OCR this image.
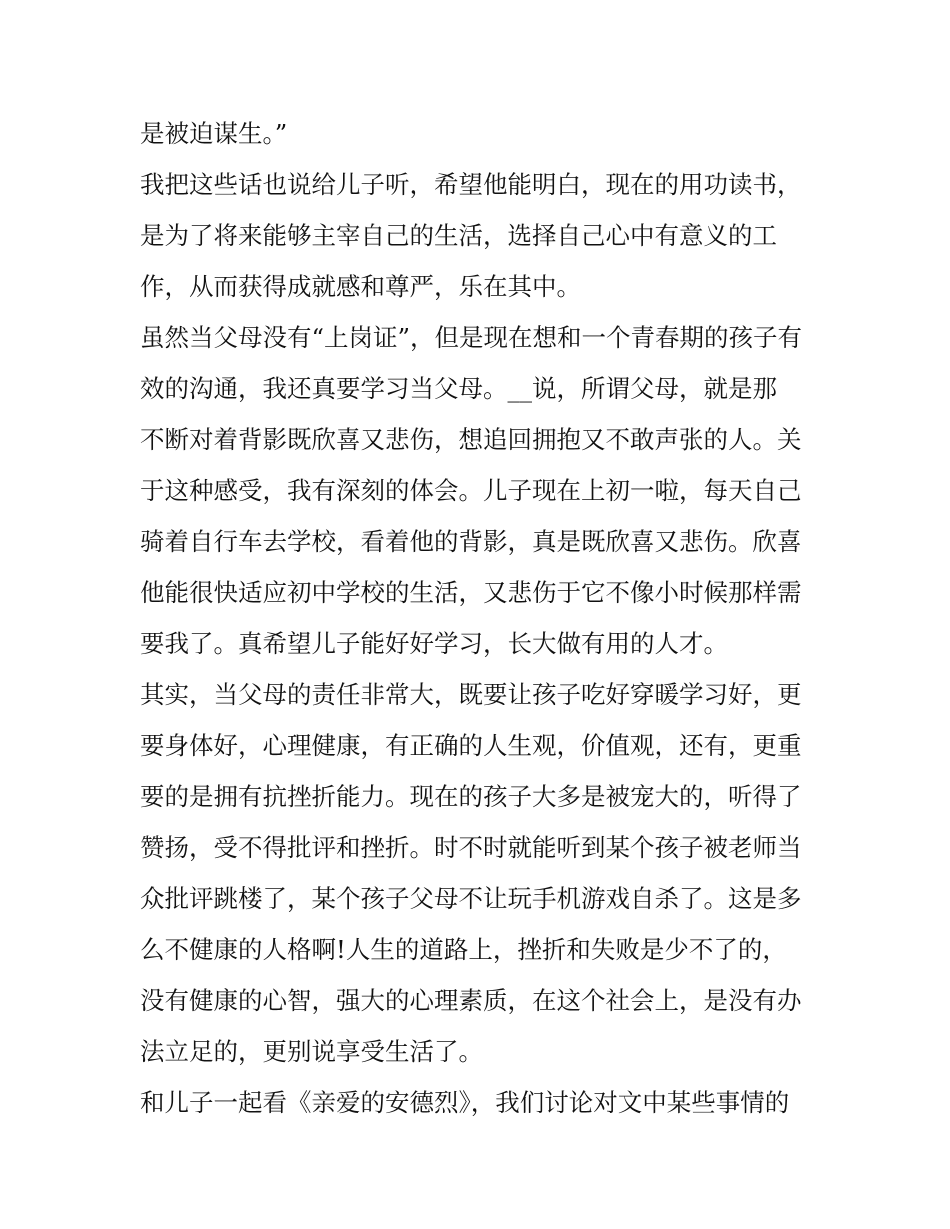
是被迫谋生。”
我把这些话也说给儿子听，希望他能明白，现在的用功读书，
是为了将来能够主宰自己的生活，选择自己心中有意义的工
作，从而获得成就感和尊严，乐在其中。
虽然当父母没有“上岗证”，但是现在想和一个青春期的孩子有
效的沟通，我还真要学习当父母。__说，所谓父母，就是那
不断对着背影既欣喜又悲伤，想追回拥抱又不敢声张的人。关
于这种感受，我有深刻的体会。儿子现在上初一啦，每天自己
骑着自行车去学校，看着他的背影，真是既欣喜又悲伤。欣喜
他能很快适应初中学校的生活，又悲伤于它不像小时候那样需
要我了。真希望儿子能好好学习，长大做有用的人才。
其实，当父母的责任非常大，既要让孩子吃好穿暖学习好，更
要身体好，心理健康，有正确的人生观，价值观，还有，更重
要的是拥有抗挫折能力。现在的孩子大多是被宠大的，听得了
赞扬，受不得批评和挫折。时不时就能听到某个孩子被老师当
众批评跳楼了，某个孩子父母不让玩手机游戏自杀了。这是多
么不健康的人格啊!人生的道路上，挫折和失败是少不了的，
没有健康的心智，强大的心理素质，在这个社会上，是没有办
法立足的，更别说享受生活了。
和儿子一起看《亲爱的安德烈》，我们讨论对文中某些事情的
